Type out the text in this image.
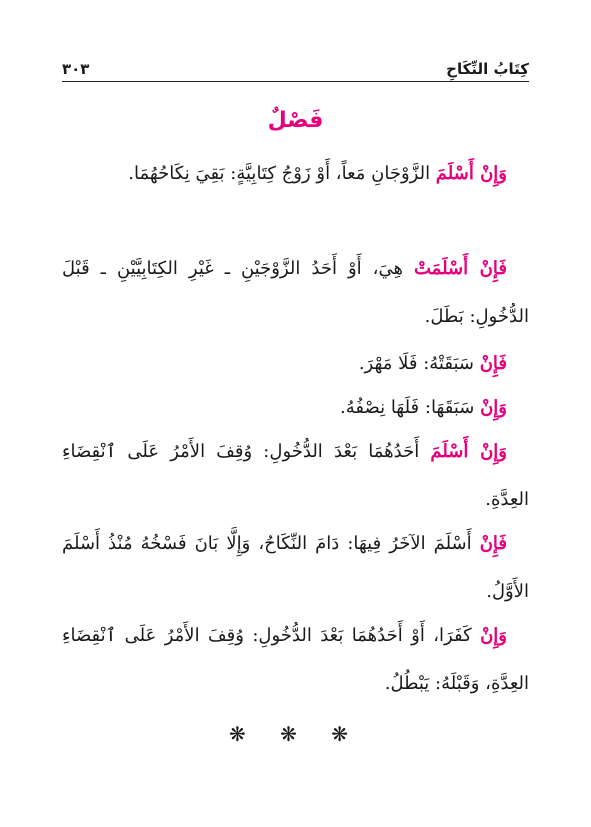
كِتَابُ النِّكَاحِ
٣٠٣
فَصْلٌ

وَإِنْ أَسْلَمَ الزَّوْجَانِ مَعاً، أَوْ زَوْجُ كِتَابِيَّةٍ: بَقِيَ نِكَاحُهُمَا.

فَإِنْ أَسْلَمَتْ هِيَ، أَوْ أَحَدُ الزَّوْجَيْنِ ـ غَيْرِ الكِتَابِيَّيْنِ ـ قَبْلَ الدُّخُولِ: بَطَلَ.

فَإِنْ سَبَقَتْهُ: فَلَا مَهْرَ.

وَإِنْ سَبَقَهَا: فَلَهَا نِصْفُهُ.

وَإِنْ أَسْلَمَ أَحَدُهُمَا بَعْدَ الدُّخُولِ: وُقِفَ الأَمْرُ عَلَى ٱنْقِضَاءِ العِدَّةِ.

فَإِنْ أَسْلَمَ الآخَرُ فِيهَا: دَامَ النِّكَاحُ، وَإِلَّا بَانَ فَسْخُهُ مُنْذُ أَسْلَمَ الأَوَّلُ.

وَإِنْ كَفَرَا، أَوْ أَحَدُهُمَا بَعْدَ الدُّخُولِ: وُقِفَ الأَمْرُ عَلَى ٱنْقِضَاءِ العِدَّةِ، وَقَبْلَهُ: يَبْطُلُ.

❋ ❋ ❋
